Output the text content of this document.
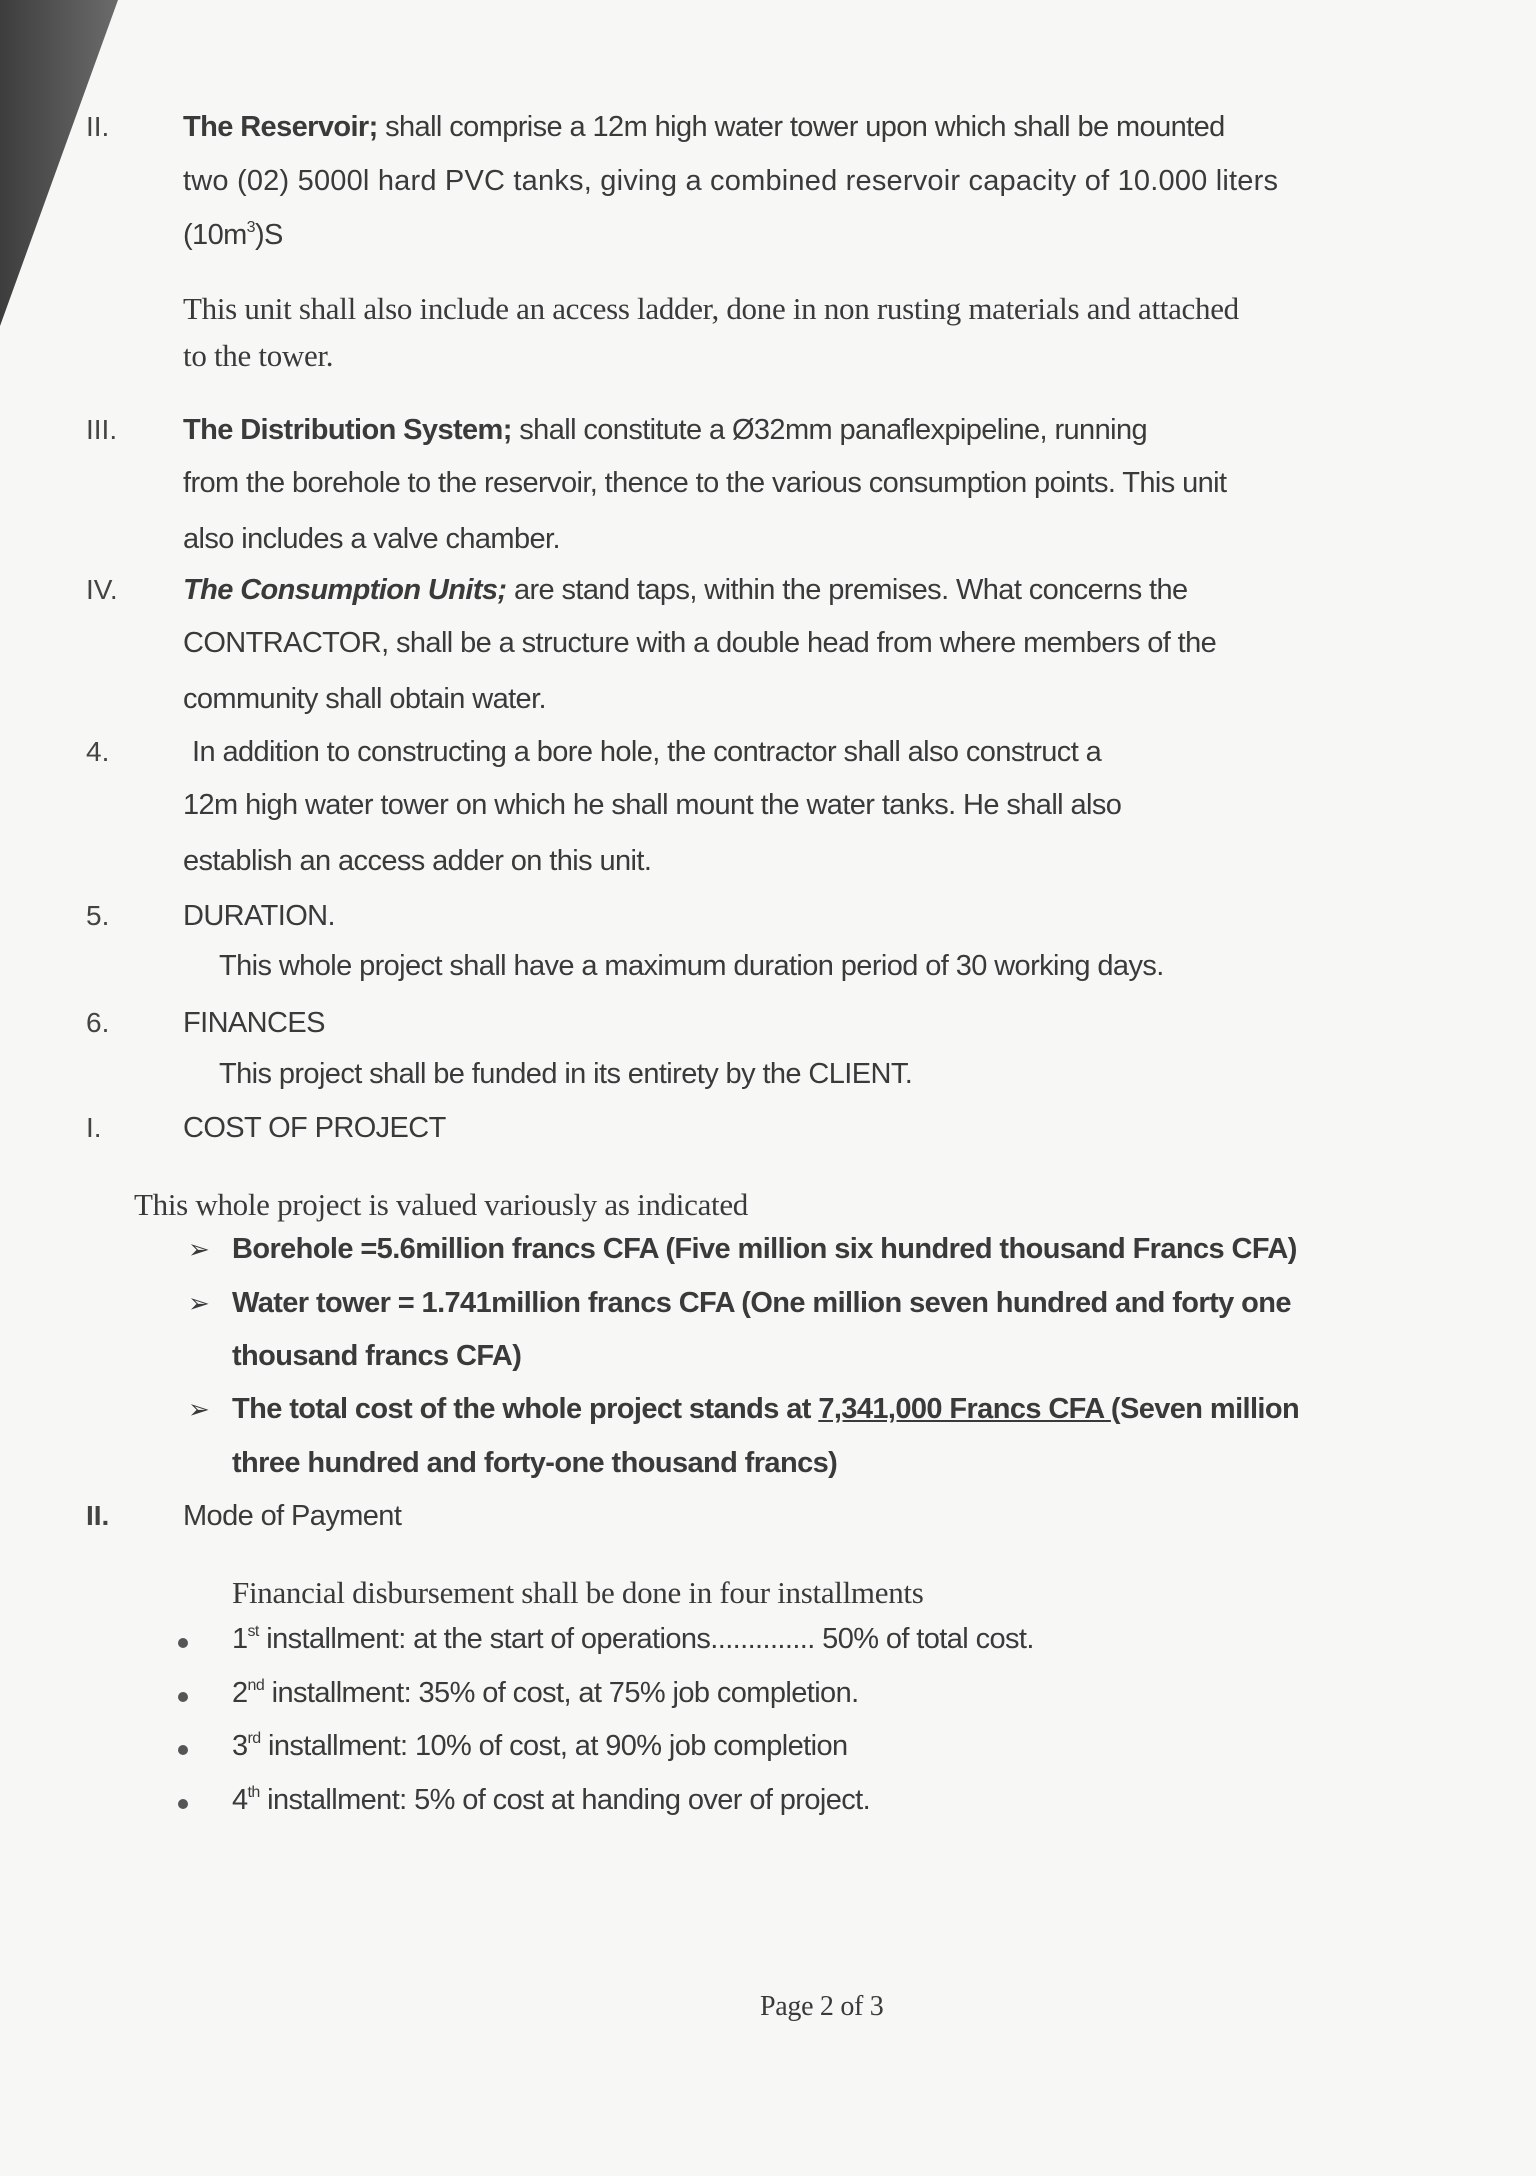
II.	The Reservoir; shall comprise a 12m high water tower upon which shall be mounted
two (02) 5000l hard PVC tanks, giving a combined reservoir capacity of 10.000 liters
$(10m^3)S$
This unit shall also include an access ladder, done in non rusting materials and attached
to the tower.
III. The Distribution System; shall constitute a Ø32mm panaflexpipeline, running
from the borehole to the reservoir, thence to the various consumption points. This unit
also includes a valve chamber.
IV. The Consumption Units; are stand taps, within the premises. What concerns the
CONTRACTOR, shall be a structure with a double head from where members of the
community shall obtain water.
4.	In addition to constructing a bore hole, the contractor shall also construct a
12m high water tower on which he shall mount the water tanks. He shall also
establish an access adder on this unit.
5.	DURATION.
This whole project shall have a maximum duration period of 30 working days.
6.	FINANCES
This project shall be funded in its entirety by the CLIENT.
I.	COST OF PROJECT
This whole project is valued variously as indicated
➢ Borehole =5.6million francs CFA (Five million six hundred thousand Francs CFA)
➢ Water tower = 1.741million francs CFA (One million seven hundred and forty one
thousand francs CFA)
➢ The total cost of the whole project stands at 7,341,000 Francs CFA (Seven million
three hundred and forty-one thousand francs)
II.	Mode of Payment
Financial disbursement shall be done in four installments
1st installment: at the start of operations.............. 50% of total cost.
2nd installment: 35% of cost, at 75% job completion.
3rd installment: 10% of cost, at 90% job completion
4th installment: 5% of cost at handing over of project.
Page 2 of 3
